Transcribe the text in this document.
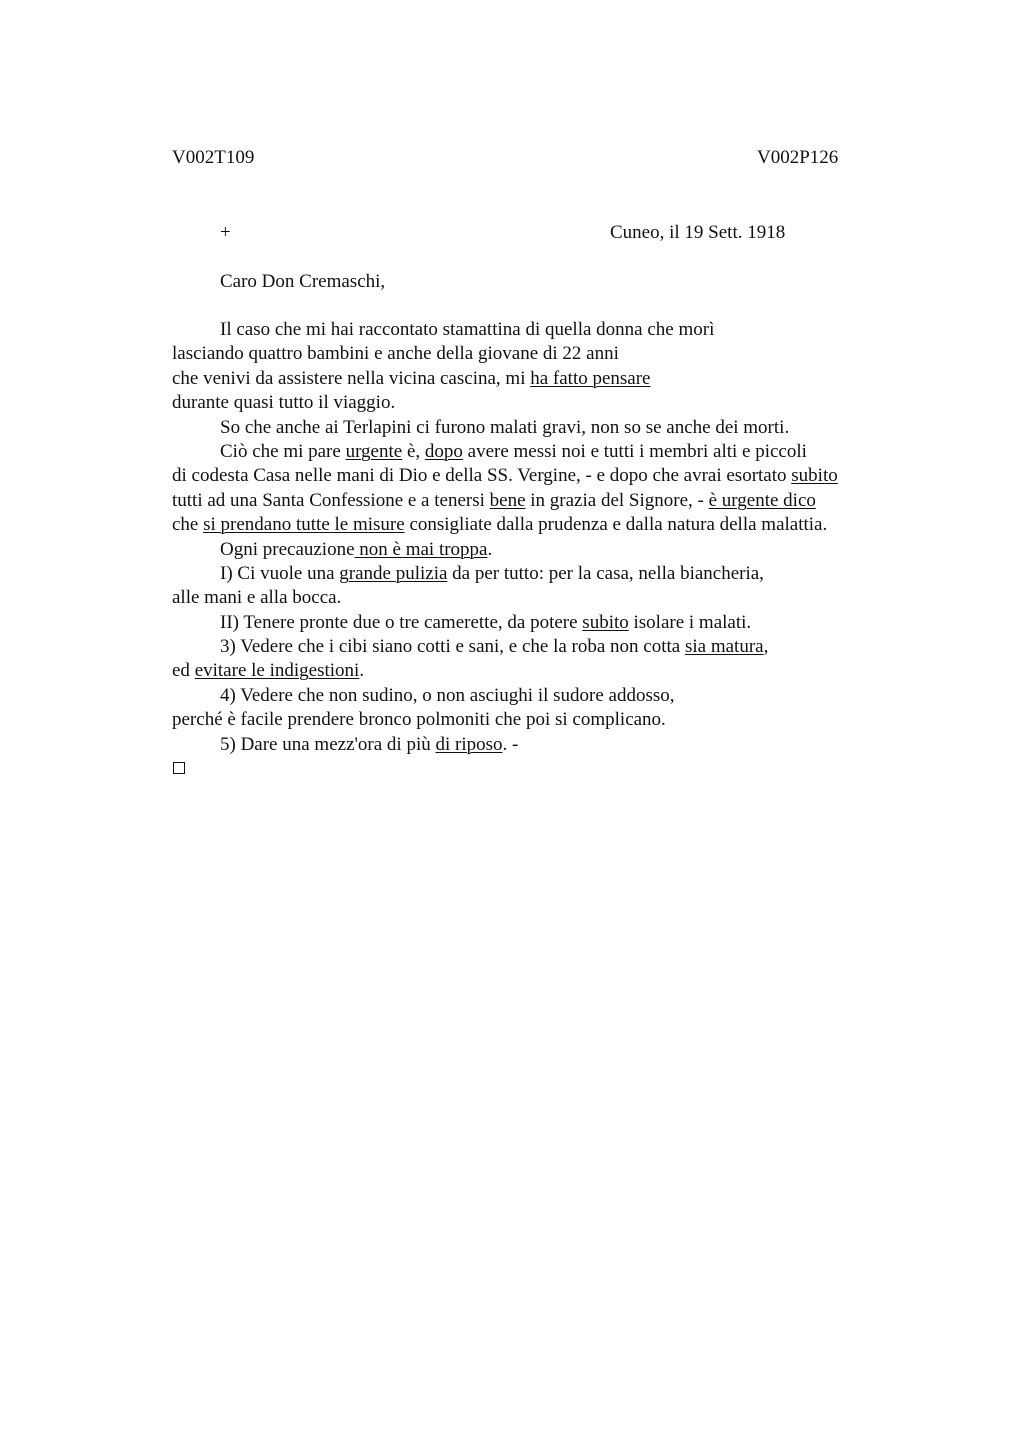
V002T109	V002P126
+	Cuneo, il 19 Sett. 1918
Caro Don Cremaschi,
Il caso che mi hai raccontato stamattina di quella donna che morì
lasciando quattro bambini e anche della giovane di 22 anni
che venivi da assistere nella vicina cascina, mi ha fatto pensare
durante quasi tutto il viaggio.
So che anche ai Terlapini ci furono malati gravi, non so se anche dei morti.
Ciò che mi pare urgente è, dopo avere messi noi e tutti i membri alti e piccoli
di codesta Casa nelle mani di Dio e della SS. Vergine, - e dopo che avrai esortato subito
tutti ad una Santa Confessione e a tenersi bene in grazia del Signore, - è urgente dico
che si prendano tutte le misure consigliate dalla prudenza e dalla natura della malattia.
Ogni precauzione non è mai troppa.
I) Ci vuole una grande pulizia da per tutto: per la casa, nella biancheria,
alle mani e alla bocca.
II) Tenere pronte due o tre camerette, da potere subito isolare i malati.
3) Vedere che i cibi siano cotti e sani, e che la roba non cotta sia matura,
ed evitare le indigestioni.
4) Vedere che non sudino, o non asciughi il sudore addosso,
perché è facile prendere bronco polmoniti che poi si complicano.
5) Dare una mezz'ora di più di riposo. -
